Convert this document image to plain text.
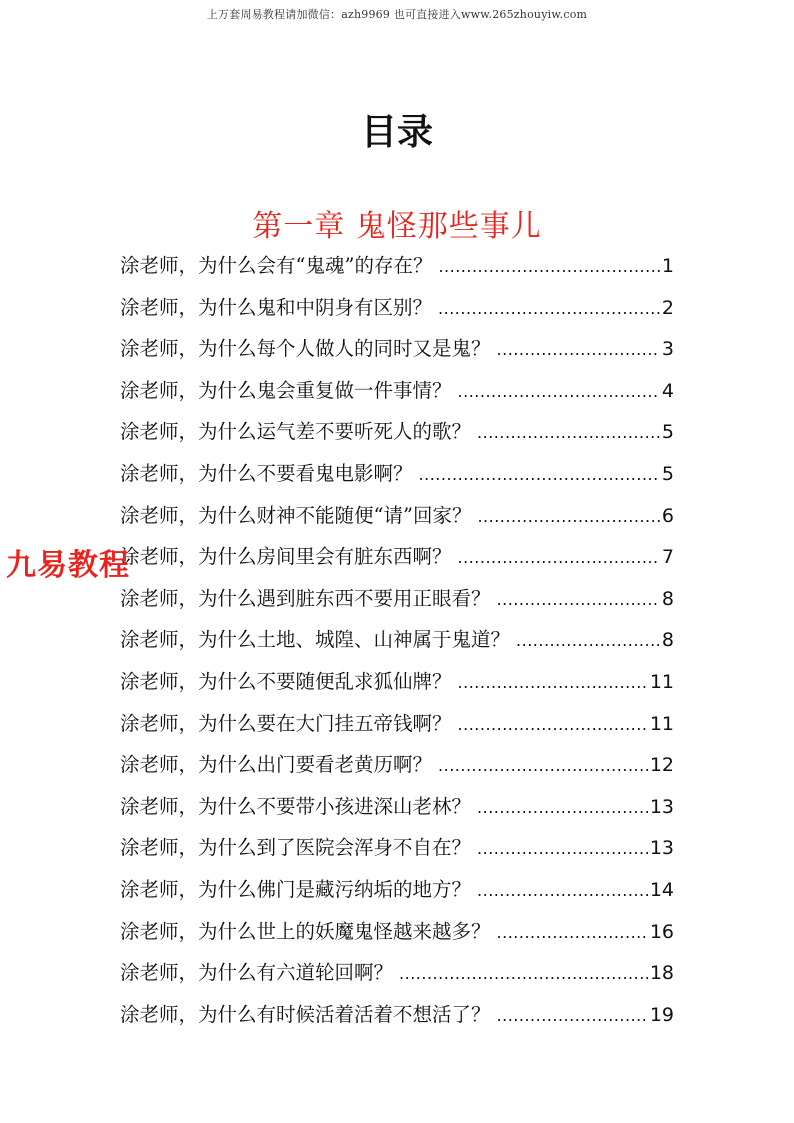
上万套周易教程请加微信：azh9969 也可直接进入www.265zhouyiw.com
目录
第一章 鬼怪那些事儿
涂老师，为什么会有“鬼魂”的存在？ .....	1
涂老师，为什么鬼和中阴身有区别？ .....	2
涂老师，为什么每个人做人的同时又是鬼？ .....	3
涂老师，为什么鬼会重复做一件事情？ .....	4
涂老师，为什么运气差不要听死人的歌？ .....	5
涂老师，为什么不要看鬼电影啊？ .....	5
涂老师，为什么财神不能随便“请”回家？ .....	6
涂老师，为什么房间里会有脏东西啊？ .....	7
涂老师，为什么遇到脏东西不要用正眼看？ .....	8
涂老师，为什么土地、城隍、山神属于鬼道？ .....	8
涂老师，为什么不要随便乱求狐仙牌？ .....	11
涂老师，为什么要在大门挂五帝钱啊？ .....	11
涂老师，为什么出门要看老黄历啊？ .....	12
涂老师，为什么不要带小孩进深山老林？ .....	13
涂老师，为什么到了医院会浑身不自在？ .....	13
涂老师，为什么佛门是藏污纳垢的地方？ .....	14
涂老师，为什么世上的妖魔鬼怪越来越多？ .....	16
涂老师，为什么有六道轮回啊？ .....	18
涂老师，为什么有时候活着活着不想活了？ .....	19
九易教程
